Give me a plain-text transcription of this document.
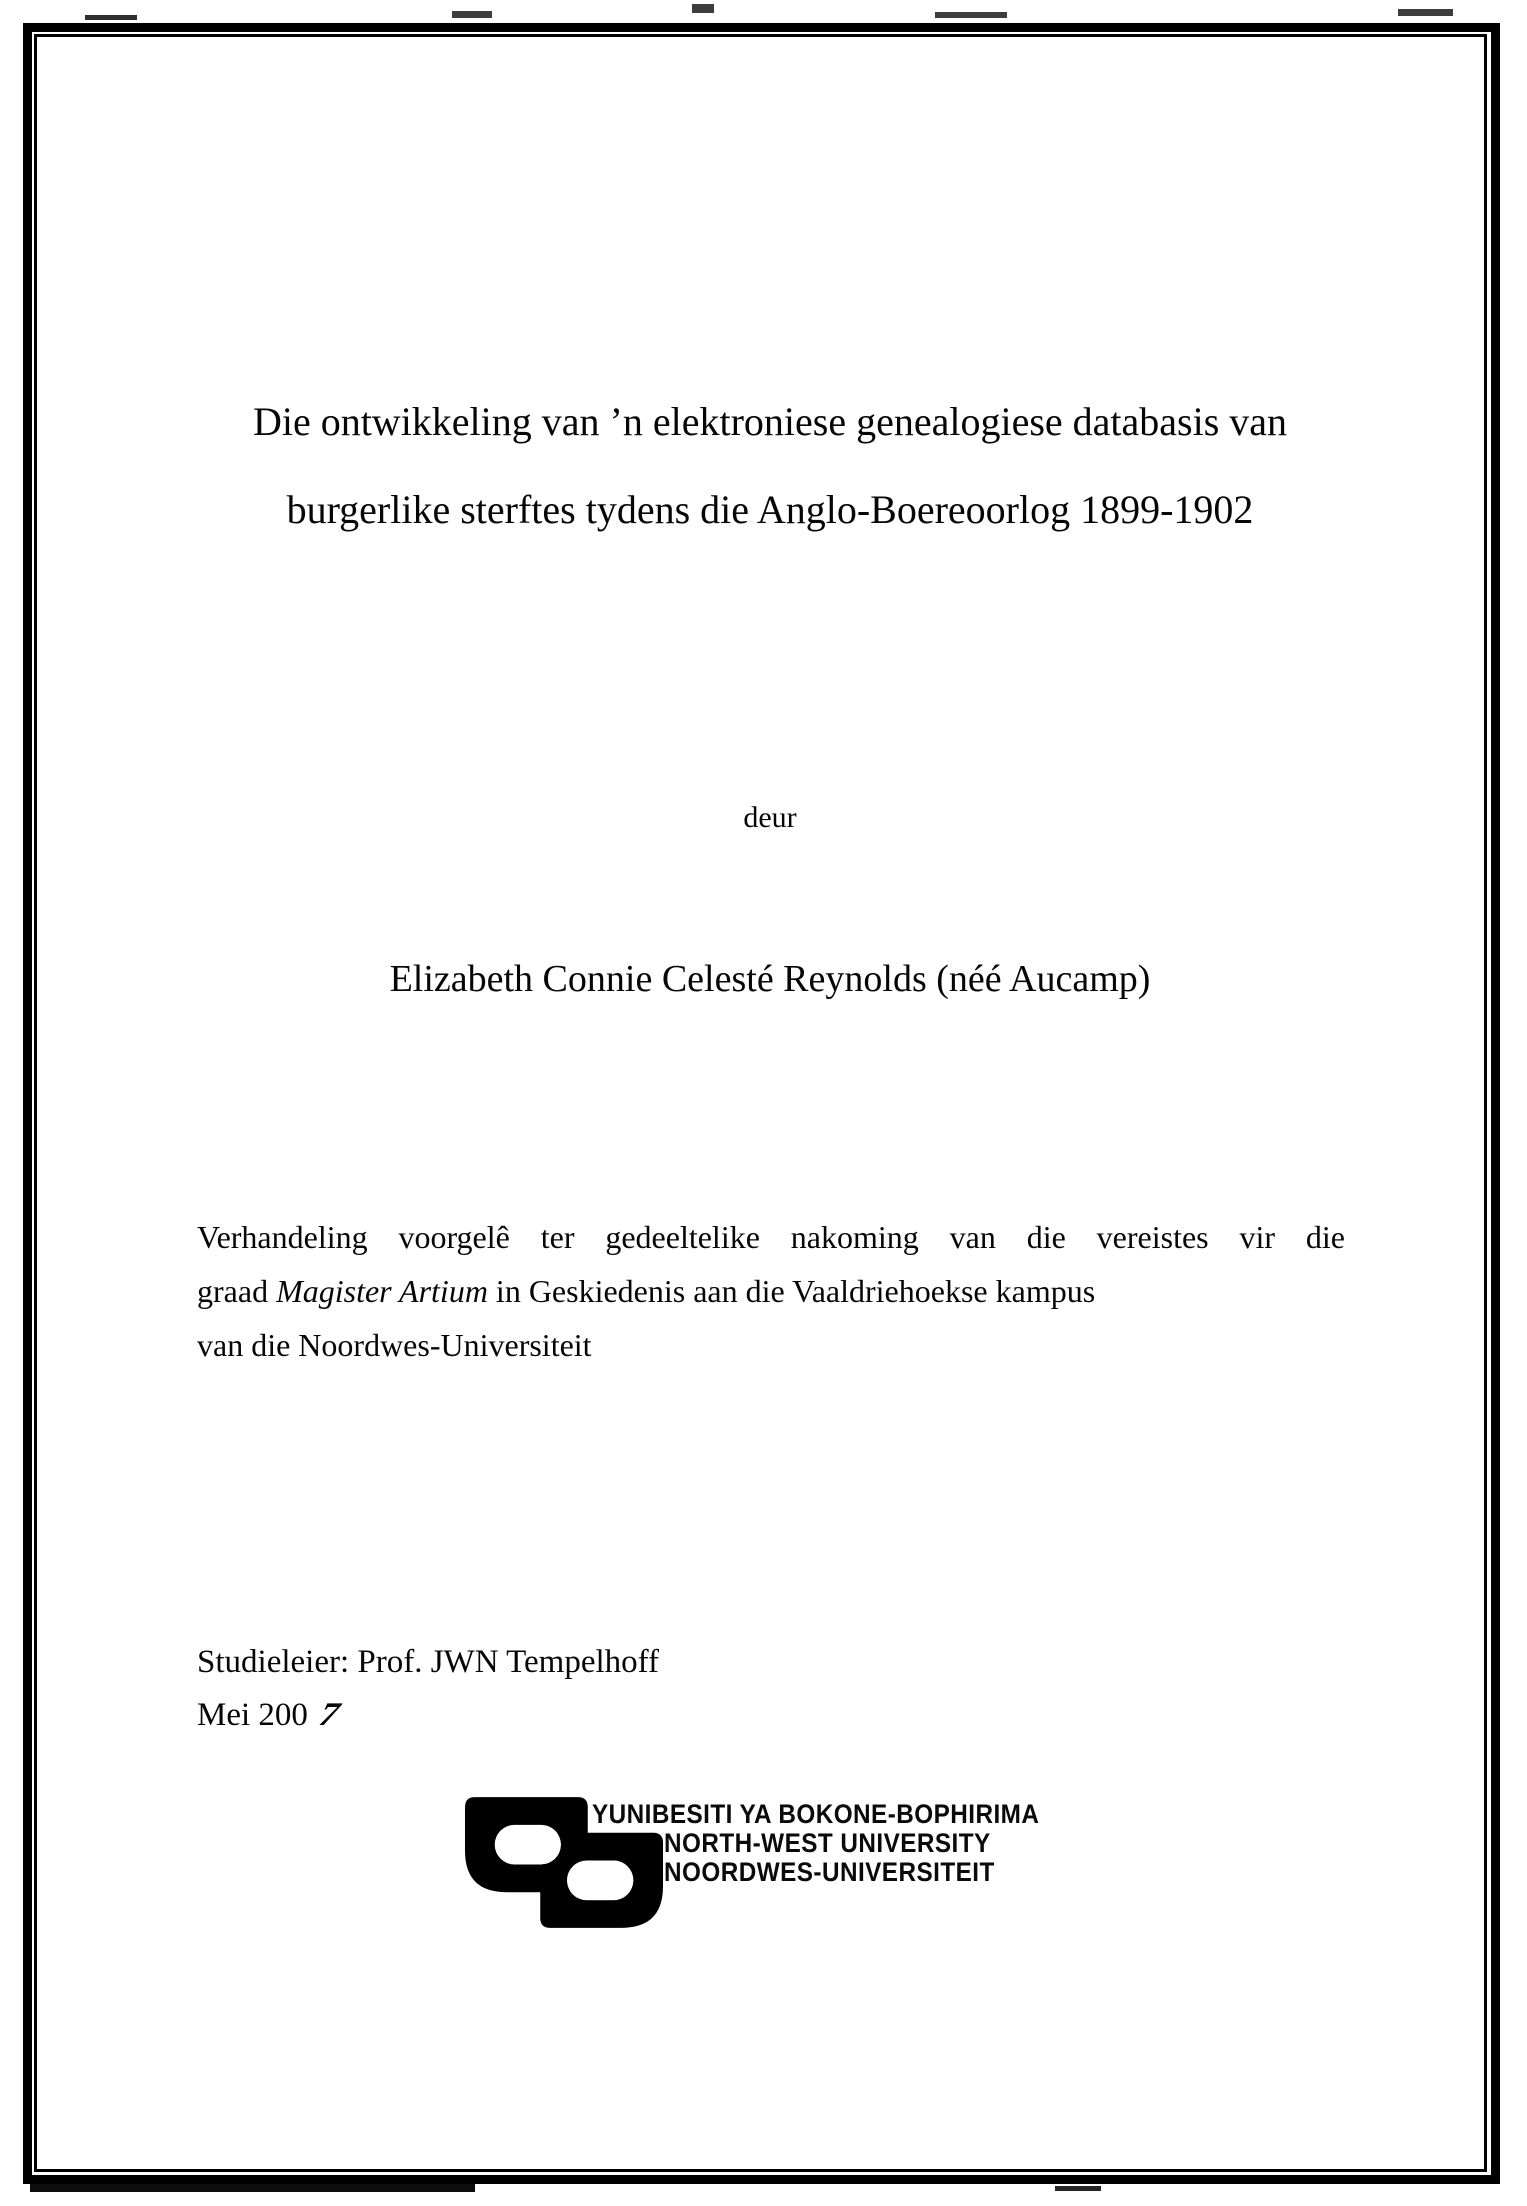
Die ontwikkeling van ’n elektroniese genealogiese databasis van
burgerlike sterftes tydens die Anglo-Boereoorlog 1899-1902
deur
Elizabeth Connie Celesté Reynolds (néé Aucamp)
Verhandeling voorgelê ter gedeeltelike nakoming van die vereistes vir die
graad Magister Artium in Geskiedenis aan die Vaaldriehoekse kampus
van die Noordwes-Universiteit
Studieleier: Prof. JWN Tempelhoff
Mei 200 7
YUNIBESITI YA BOKONE-BOPHIRIMA
NORTH-WEST UNIVERSITY
NOORDWES-UNIVERSITEIT
